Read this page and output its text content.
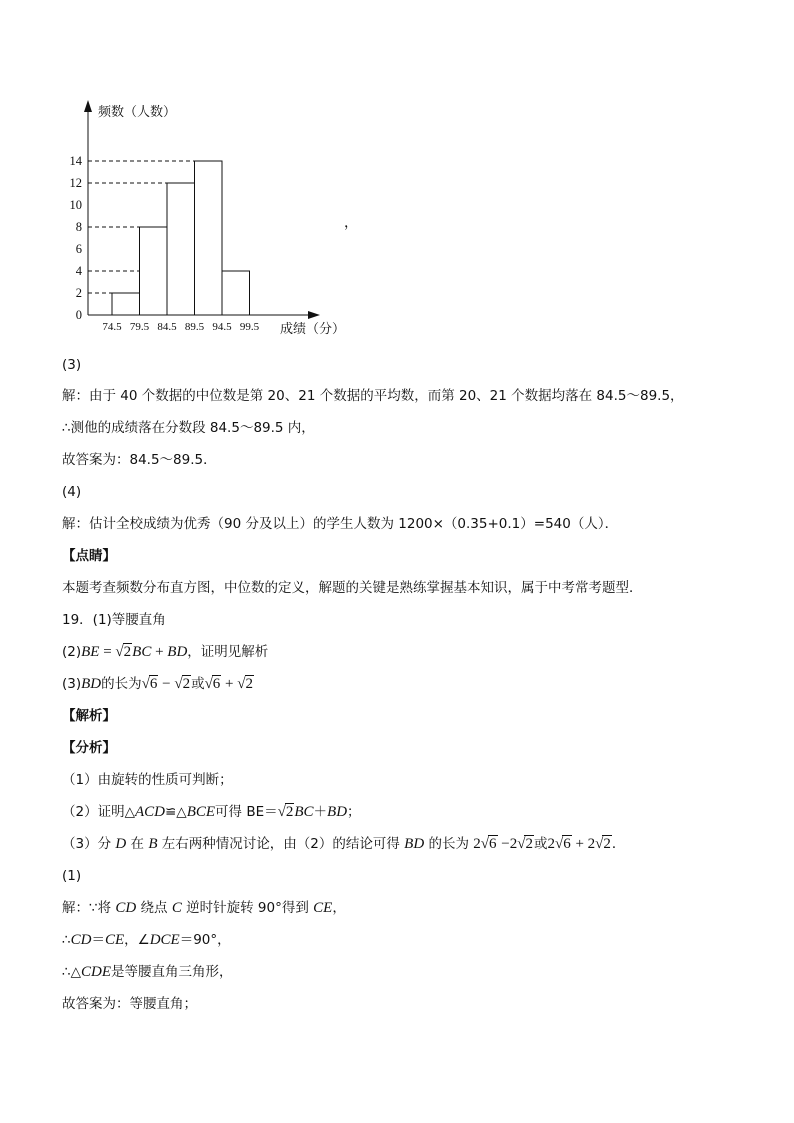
频数（人数）
成绩（分）
0
2
4
6
8
10
12
14
74.5 79.5 84.5 89.5 94.5 99.5
，
(3)
解：由于 40 个数据的中位数是第 20、21 个数据的平均数，而第 20、21 个数据均落在 84.5～89.5，
∴测他的成绩落在分数段 84.5～89.5 内，
故答案为：84.5～89.5．
(4)
解：估计全校成绩为优秀（90 分及以上）的学生人数为 1200×（0.35+0.1）=540（人）．
【点睛】
本题考查频数分布直方图，中位数的定义，解题的关键是熟练掌握基本知识，属于中考常考题型．
19．(1)等腰直角
(2)BE = √2BC + BD，证明见解析
(3)BD的长为√6 − √2或√6 + √2
【解析】
【分析】
（1）由旋转的性质可判断；
（2）证明△ACD≌△BCE可得 BE＝√2BC＋BD；
（3）分 D 在 B 左右两种情况讨论，由（2）的结论可得 BD 的长为 2√6 −2√2或2√6 + 2√2．
(1)
解：∵将 CD 绕点 C 逆时针旋转 90°得到 CE，
∴CD＝CE，∠DCE＝90°，
∴△CDE是等腰直角三角形，
故答案为：等腰直角；
